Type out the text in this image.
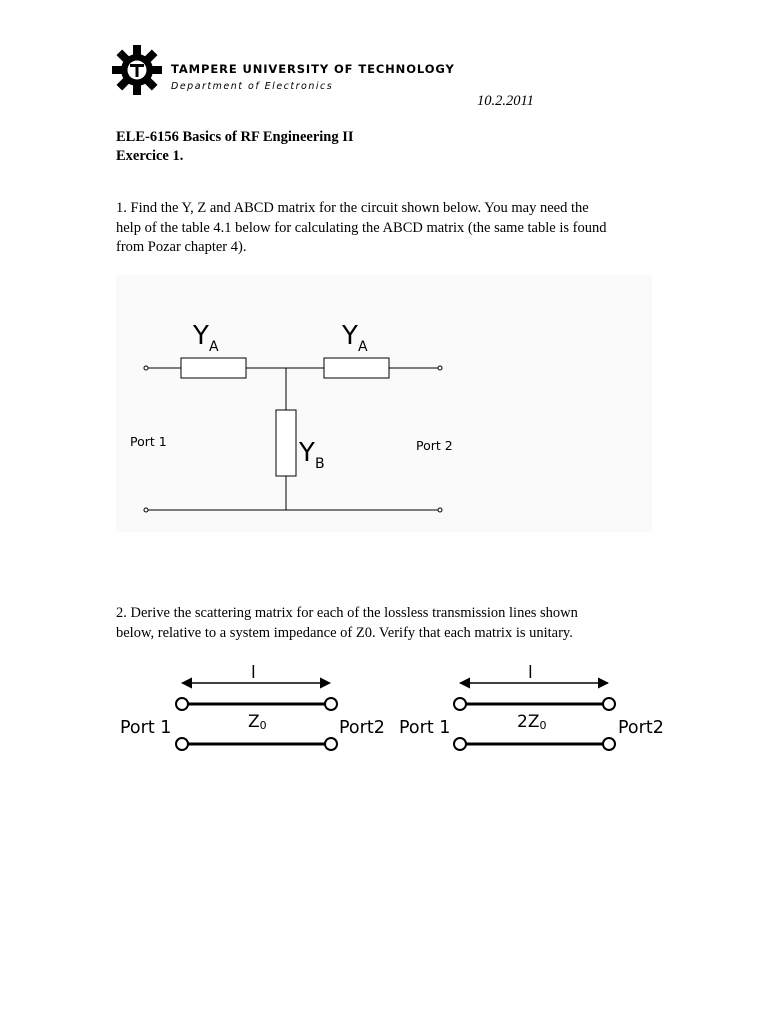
TAMPERE UNIVERSITY OF TECHNOLOGY
Department of Electronics
10.2.2011
ELE-6156 Basics of RF Engineering II
Exercice 1.
1. Find the Y, Z and ABCD matrix for the circuit shown below. You may need the
help of the table 4.1 below for calculating the ABCD matrix (the same table is found
from Pozar chapter 4).
Y A	Y A
Y B
Port 1	Port 2
2. Derive the scattering matrix for each of the lossless transmission lines shown
below, relative to a system impedance of Z0. Verify that each matrix is unitary.
l
Z0
Port 1	Port2
l
2Z0
Port 1	Port2
